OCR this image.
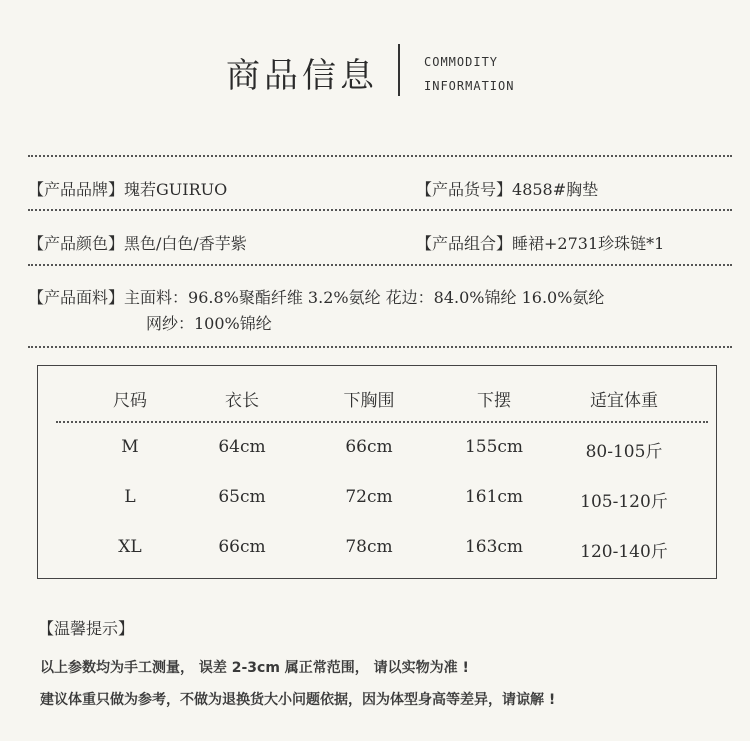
商品信息	COMMODITY
INFORMATION
【产品品牌】瑰若GUIRUO	【产品货号】4858#胸垫
【产品颜色】黑色/白色/香芋紫	【产品组合】睡裙+2731珍珠链*1
【产品面料】主面料：96.8%聚酯纤维 3.2%氨纶 花边：84.0%锦纶 16.0%氨纶
网纱：100%锦纶
尺码	衣长	下胸围	下摆	适宜体重
M	64cm	66cm	155cm	80-105斤
L	65cm	72cm	161cm	105-120斤
XL	66cm	78cm	163cm	120-140斤
【温馨提示】
以上参数均为手工测量， 误差 2-3cm 属正常范围， 请以实物为准 !
建议体重只做为参考，不做为退换货大小问题依据，因为体型身高等差异，请谅解 !
